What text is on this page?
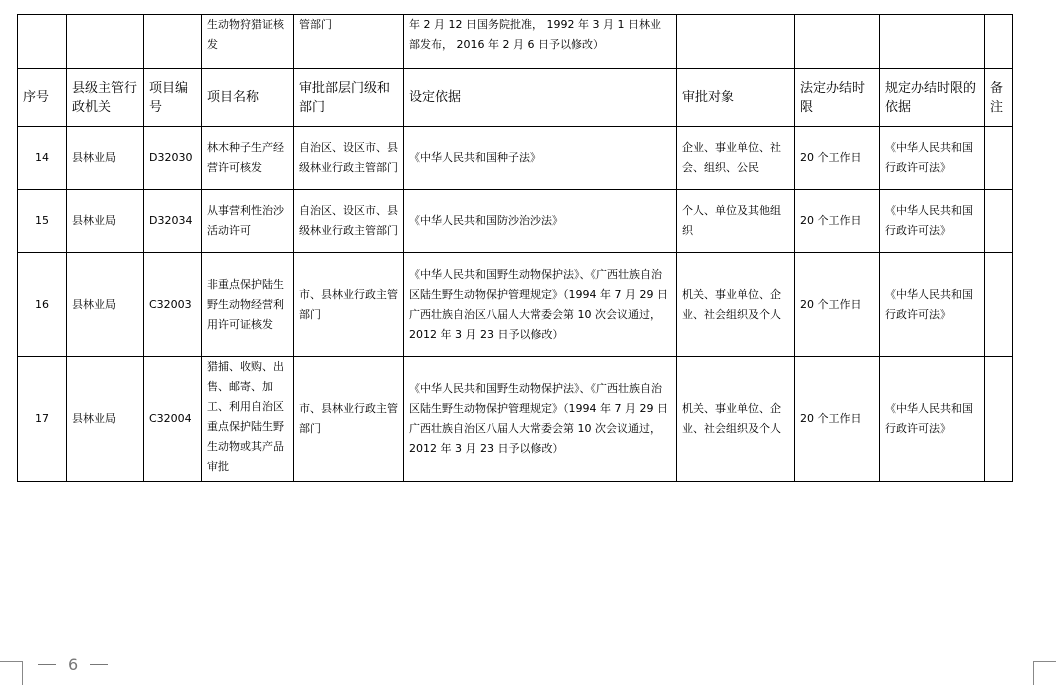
			生动物狩猎证核发	管部门	年 2 月 12 日国务院批准， 1992 年 3 月 1 日林业部发布， 2016 年 2 月 6 日予以修改）				
序号	县级主管行政机关	项目编号	项目名称	审批部层门级和部门	设定依据	审批对象	法定办结时限	规定办结时限的依据	备注
14	县林业局	D32030	林木种子生产经营许可核发	自治区、设区市、县级林业行政主管部门	《中华人民共和国种子法》	企业、事业单位、社会、组织、公民	20 个工作日	《中华人民共和国行政许可法》	
15	县林业局	D32034	从事营利性治沙活动许可	自治区、设区市、县级林业行政主管部门	《中华人民共和国防沙治沙法》	个人、单位及其他组织	20 个工作日	《中华人民共和国行政许可法》	
16	县林业局	C32003	非重点保护陆生野生动物经营利用许可证核发	市、县林业行政主管部门	《中华人民共和国野生动物保护法》、《广西壮族自治区陆生野生动物保护管理规定》（1994 年 7 月 29 日广西壮族自治区八届人大常委会第 10 次会议通过， 2012 年 3 月 23 日予以修改）	机关、事业单位、企业、社会组织及个人	20 个工作日	《中华人民共和国行政许可法》	
17	县林业局	C32004	猎捕、收购、出售、邮寄、加工、利用自治区重点保护陆生野生动物或其产品审批	市、县林业行政主管部门	《中华人民共和国野生动物保护法》、《广西壮族自治区陆生野生动物保护管理规定》（1994 年 7 月 29 日广西壮族自治区八届人大常委会第 10 次会议通过， 2012 年 3 月 23 日予以修改）	机关、事业单位、企业、社会组织及个人	20 个工作日	《中华人民共和国行政许可法》	
6
